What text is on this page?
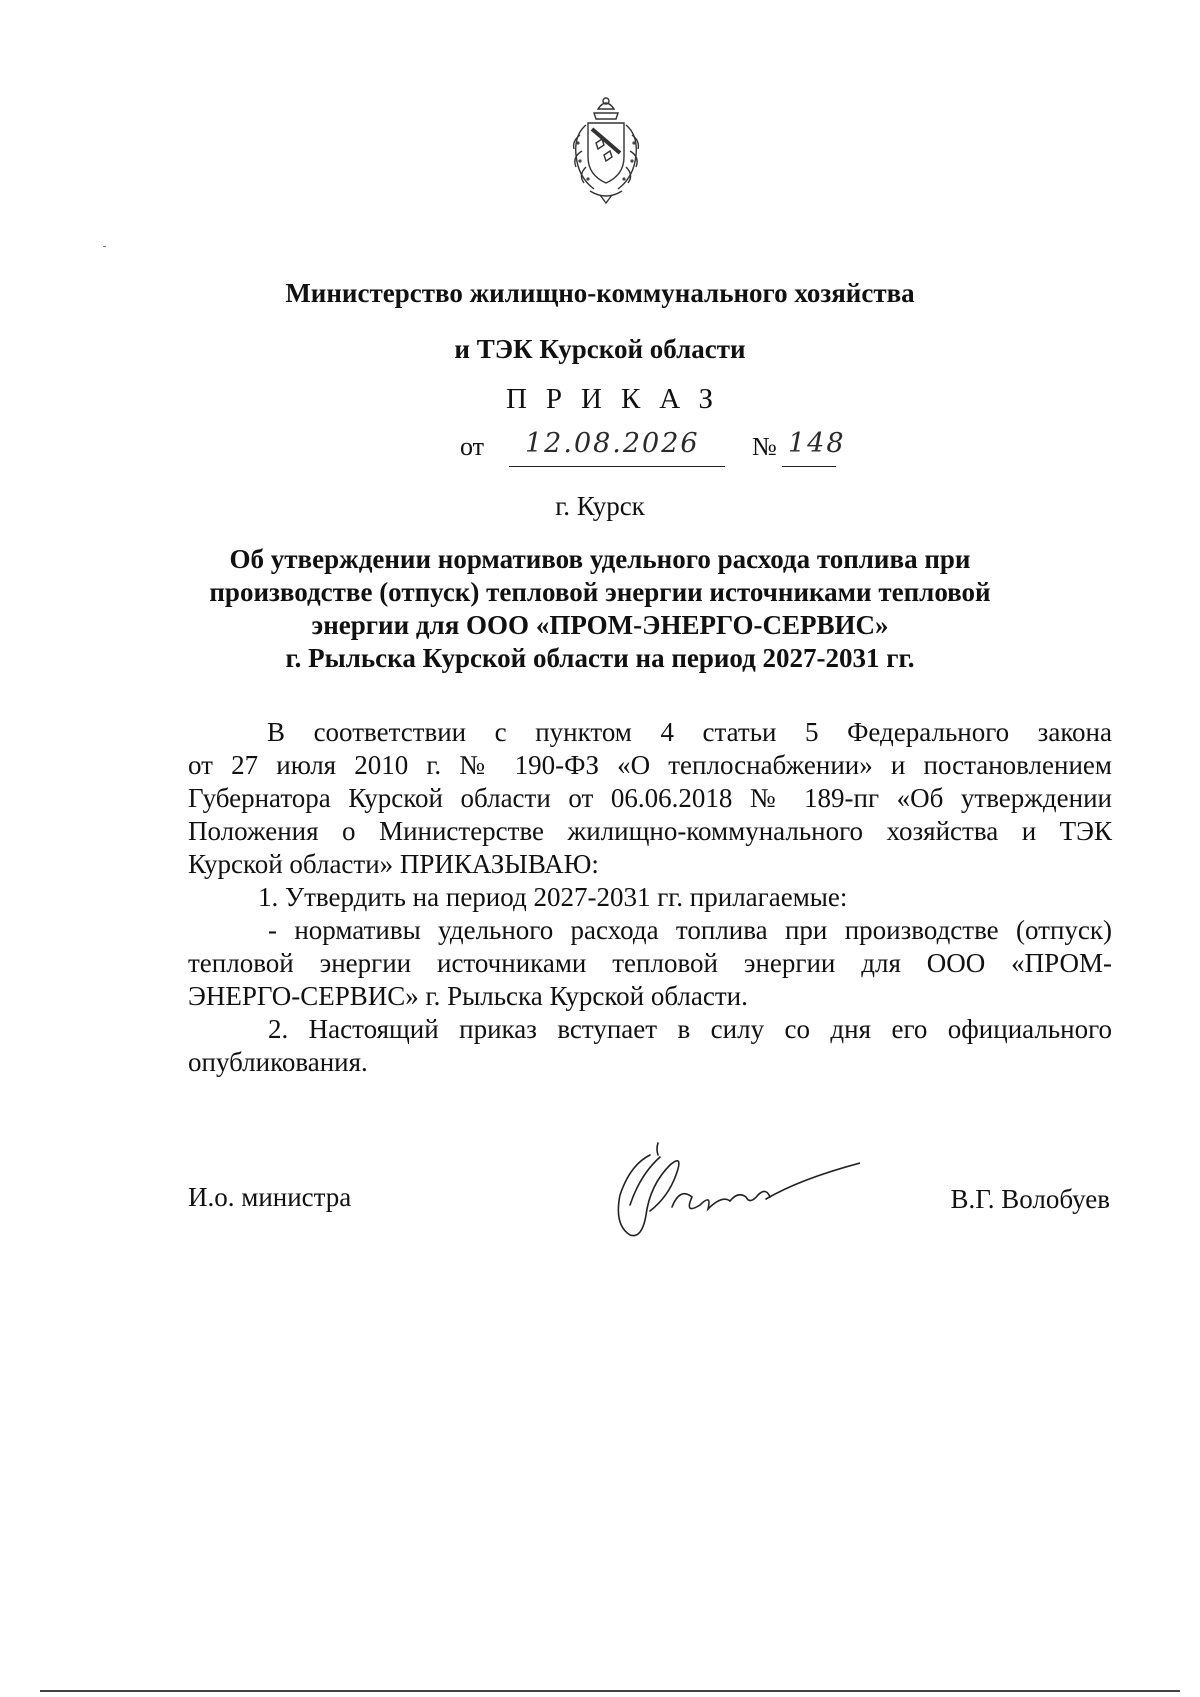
Министерство жилищно-коммунального хозяйства
и ТЭК Курской области
ПРИКАЗ
от 12.08.2026 № 148
г. Курск
Об утверждении нормативов удельного расхода топлива при
производстве (отпуск) тепловой энергии источниками тепловой
энергии для ООО «ПРОМ-ЭНЕРГО-СЕРВИС»
г. Рыльска Курской области на период 2027-2031 гг.
В соответствии с пунктом 4 статьи 5 Федерального закона
от 27 июля 2010 г. № 190-ФЗ «О теплоснабжении» и постановлением
Губернатора Курской области от 06.06.2018 № 189-пг «Об утверждении
Положения о Министерстве жилищно-коммунального хозяйства и ТЭК
Курской области» ПРИКАЗЫВАЮ:
1. Утвердить на период 2027-2031 гг. прилагаемые:
- нормативы удельного расхода топлива при производстве (отпуск)
тепловой энергии источниками тепловой энергии для ООО «ПРОМ-
ЭНЕРГО-СЕРВИС» г. Рыльска Курской области.
2. Настоящий приказ вступает в силу со дня его официального
опубликования.
И.о. министра	В.Г. Волобуев
